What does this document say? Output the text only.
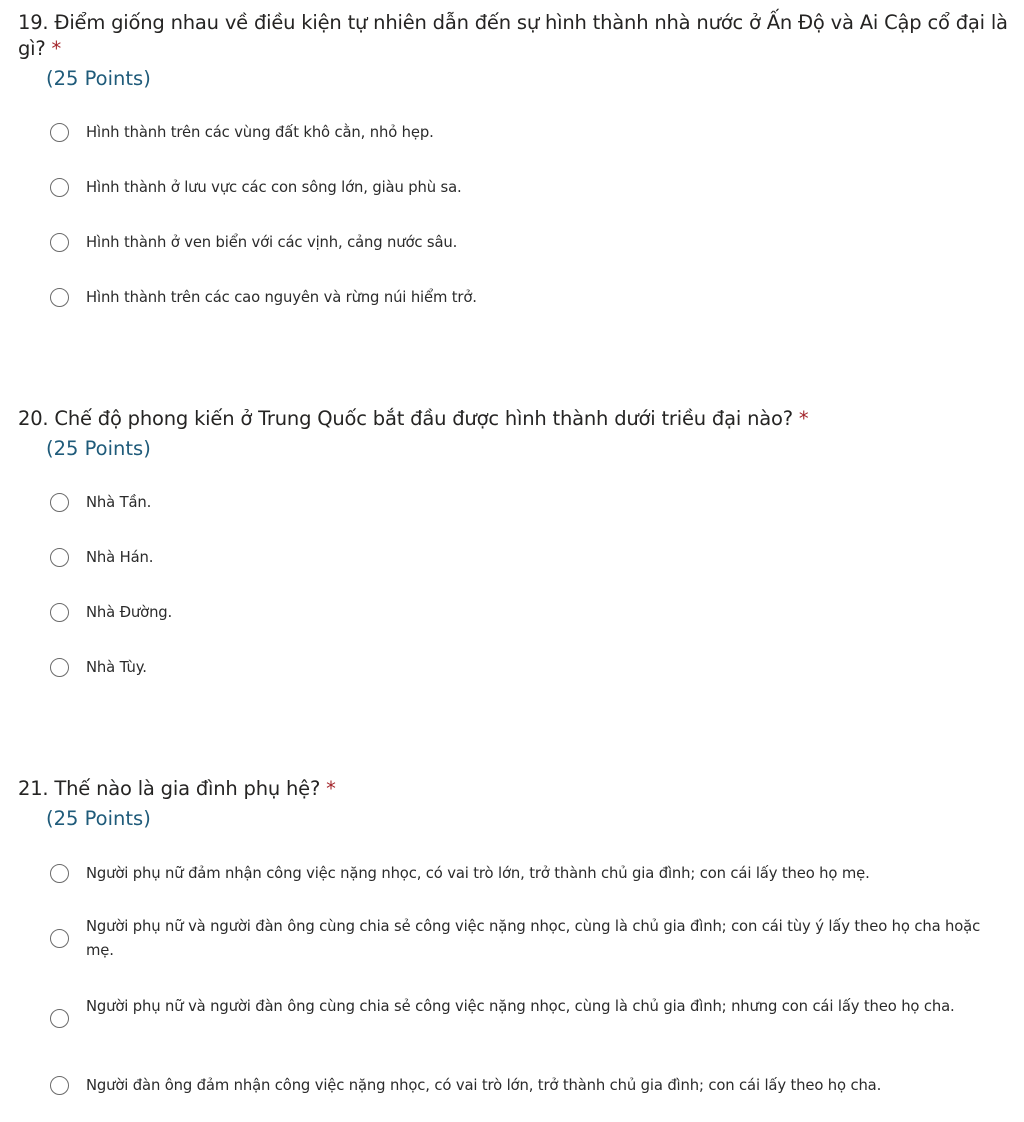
19. Điểm giống nhau về điều kiện tự nhiên dẫn đến sự hình thành nhà nước ở Ấn Độ và Ai Cập cổ đại là gì? *
(25 Points)
Hình thành trên các vùng đất khô cằn, nhỏ hẹp.
Hình thành ở lưu vực các con sông lớn, giàu phù sa.
Hình thành ở ven biển với các vịnh, cảng nước sâu.
Hình thành trên các cao nguyên và rừng núi hiểm trở.
20. Chế độ phong kiến ở Trung Quốc bắt đầu được hình thành dưới triều đại nào? *
(25 Points)
Nhà Tần.
Nhà Hán.
Nhà Đường.
Nhà Tùy.
21. Thế nào là gia đình phụ hệ? *
(25 Points)
Người phụ nữ đảm nhận công việc nặng nhọc, có vai trò lớn, trở thành chủ gia đình; con cái lấy theo họ mẹ.
Người phụ nữ và người đàn ông cùng chia sẻ công việc nặng nhọc, cùng là chủ gia đình; con cái tùy ý lấy theo họ cha hoặc mẹ.
Người phụ nữ và người đàn ông cùng chia sẻ công việc nặng nhọc, cùng là chủ gia đình; nhưng con cái lấy theo họ cha.
Người đàn ông đảm nhận công việc nặng nhọc, có vai trò lớn, trở thành chủ gia đình; con cái lấy theo họ cha.
